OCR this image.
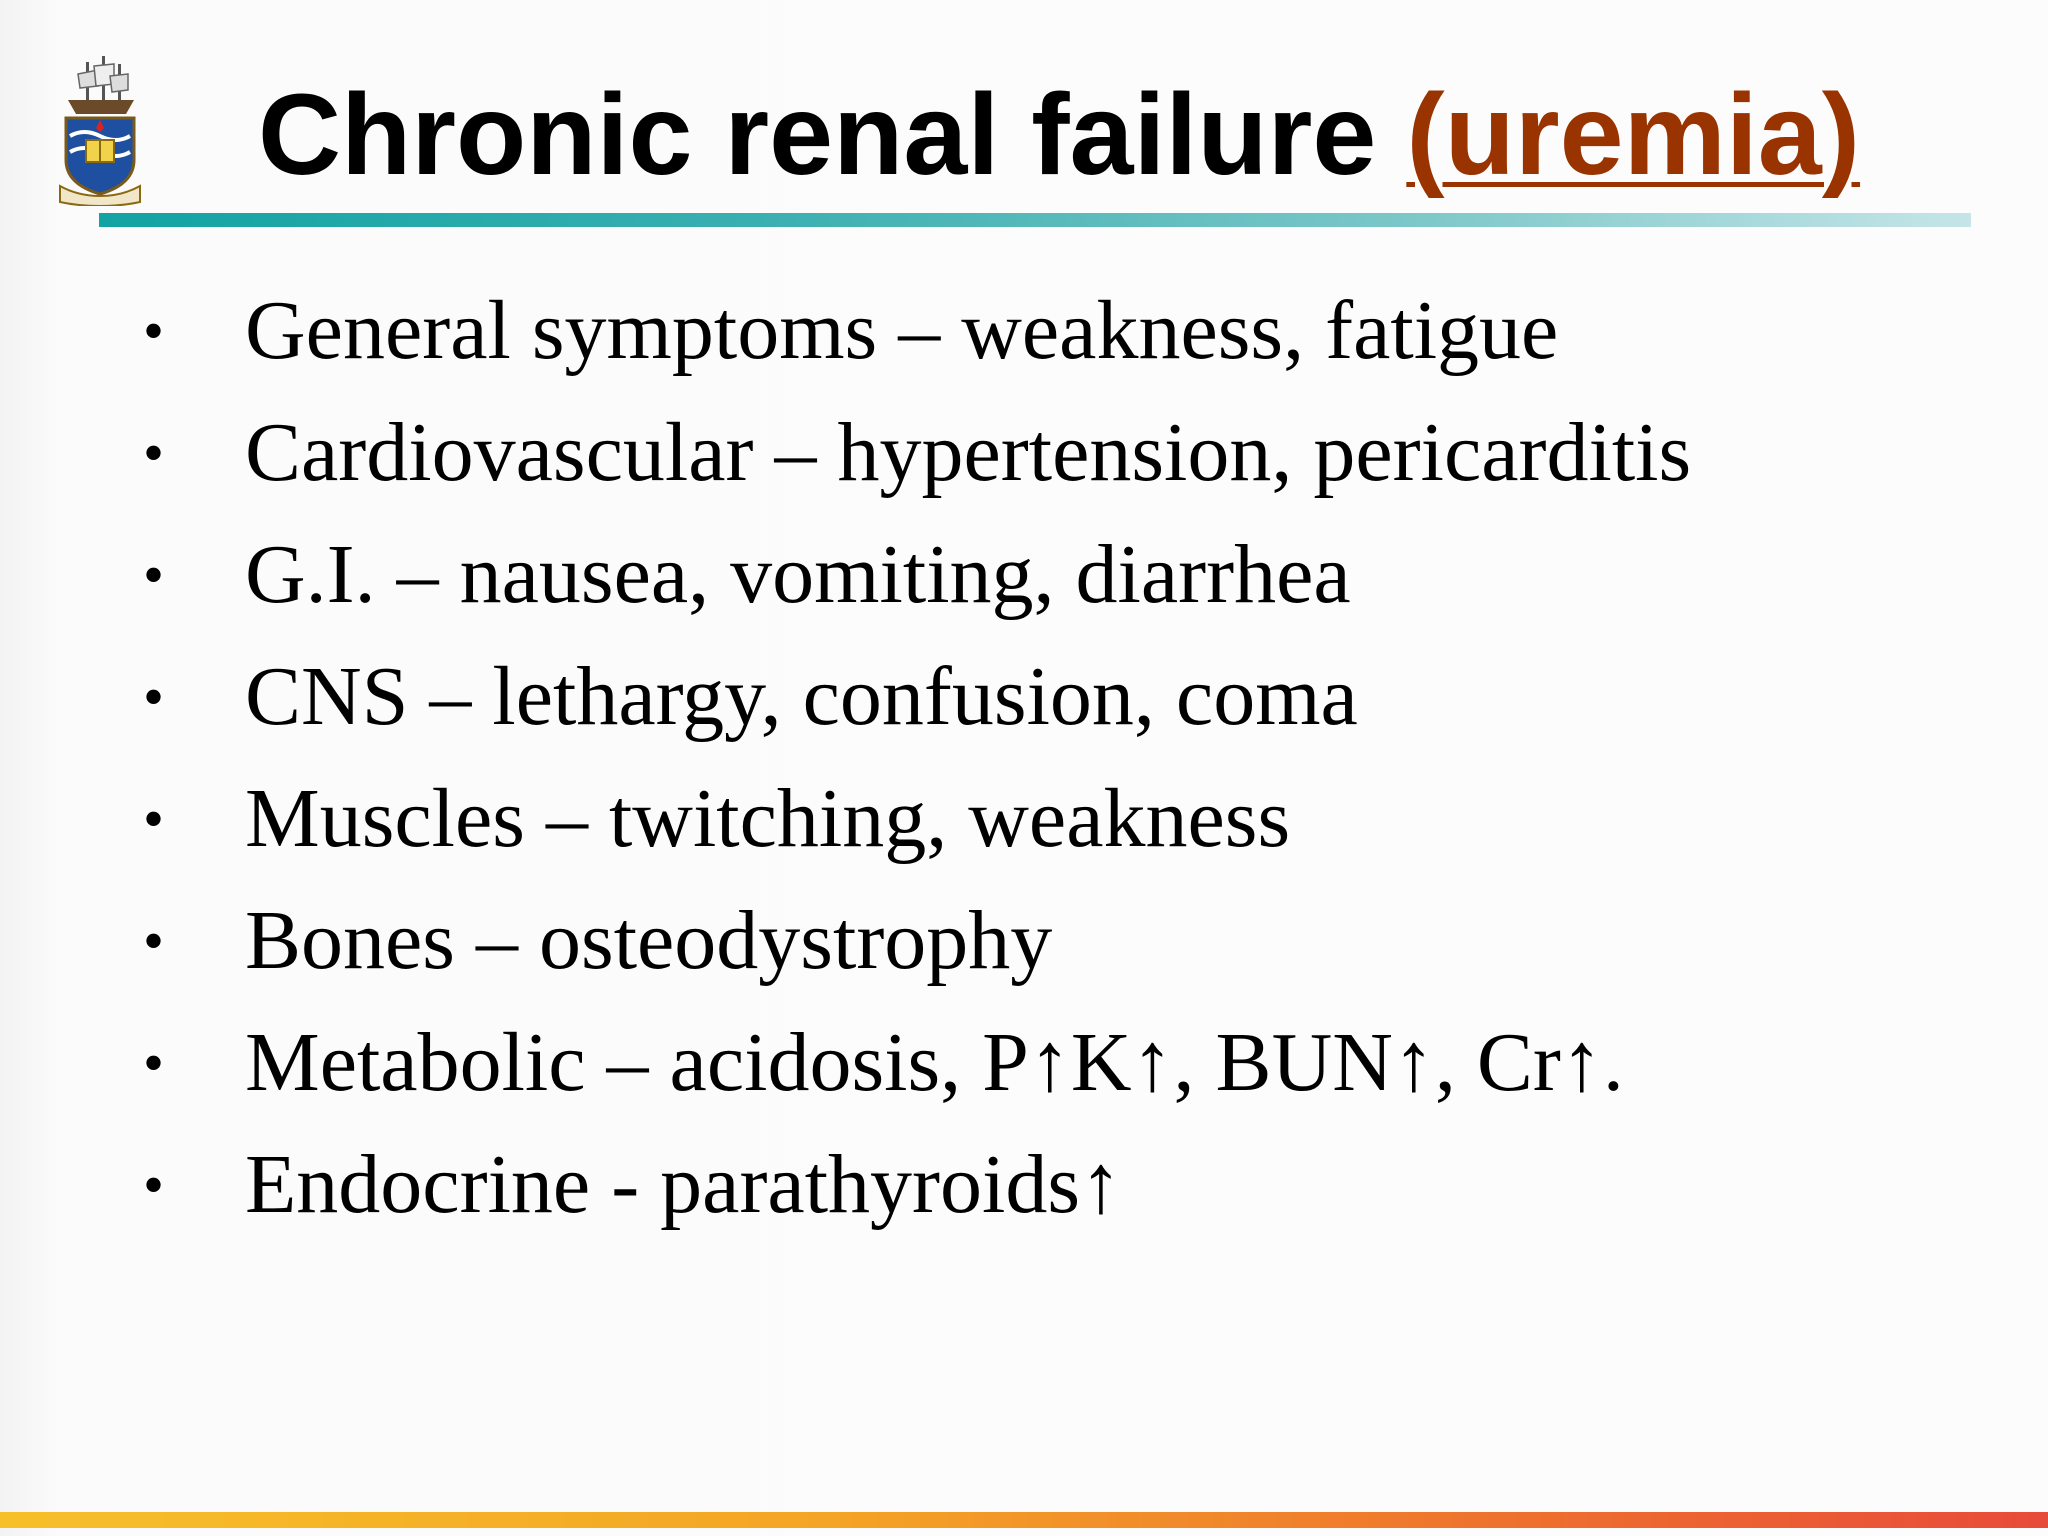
Chronic renal failure (uremia)
• General symptoms – weakness, fatigue
• Cardiovascular – hypertension, pericarditis
• G.I. – nausea, vomiting, diarrhea
• CNS – lethargy, confusion, coma
• Muscles – twitching, weakness
• Bones – osteodystrophy
• Metabolic – acidosis, P↑K↑, BUN↑, Cr↑.
• Endocrine - parathyroids↑
